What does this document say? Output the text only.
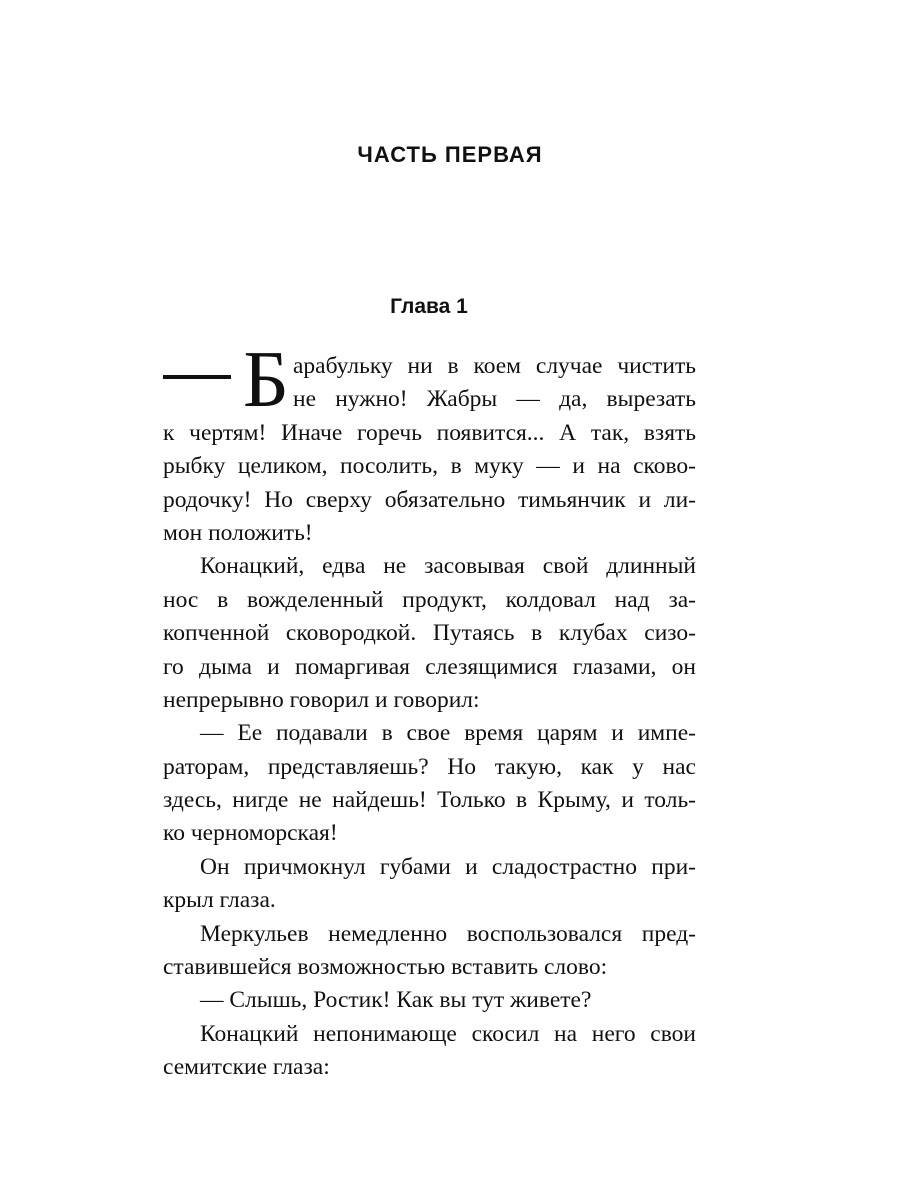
ЧАСТЬ ПЕРВАЯ
Глава 1
Б арабульку ни в коем случае чистить
не нужно! Жабры — да, вырезать
к чертям! Иначе горечь появится... А так, взять
рыбку целиком, посолить, в муку — и на сково-
родочку! Но сверху обязательно тимьянчик и ли-
мон положить!
Конацкий, едва не засовывая свой длинный
нос в вожделенный продукт, колдовал над за-
копченной сковородкой. Путаясь в клубах сизо-
го дыма и помаргивая слезящимися глазами, он
непрерывно говорил и говорил:
— Ее подавали в свое время царям и импе-
раторам, представляешь? Но такую, как у нас
здесь, нигде не найдешь! Только в Крыму, и толь-
ко черноморская!
Он причмокнул губами и сладострастно при-
крыл глаза.
Меркульев немедленно воспользовался пред-
ставившейся возможностью вставить слово:
— Слышь, Ростик! Как вы тут живете?
Конацкий непонимающе скосил на него свои
семитские глаза:
